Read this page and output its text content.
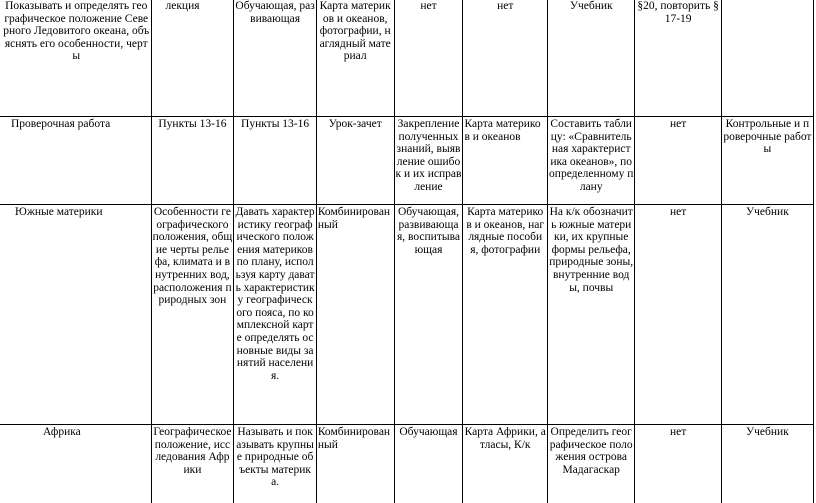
Показывать и определять географическое положение Северного Ледовитого океана, объяснять его особенности, черты	лекция	Обучающая, развивающая	Карта материков и океанов, фотографии, наглядный материал	нет	нет	Учебник	§20, повторить § 17-19	

Проверочная работа	Пункты 13-16	Пункты 13-16	Урок-зачет	Закрепление полученных знаний, выявление ошибок и их исправление	Карта материков и океанов	Составить таблицу: «Сравнительная характеристика океанов», по определенному плану	нет	Контрольные и проверочные работы

Южные материки	Особенности географического положения, общие черты рельефа, климата и внутренних вод, расположения природных зон	Давать характеристику географического положения материков по плану, используя карту давать характеристику географического пояса, по комплексной карте определять основные виды занятий населения.	Комбинированный	Обучающая, развивающая, воспитывающая	Карта материков и океанов, наглядные пособия, фотографии	На к/к обозначить южные материки, их крупные формы рельефа, природные зоны, внутренние воды, почвы	нет	Учебник

Африка	Географическое положение, исследования Африки	Называть и показывать крупные природные объекты материка.	Комбинированный	Обучающая	Карта Африки, атласы, К/к	Определить географическое положения острова Мадагаскар	нет	Учебник
